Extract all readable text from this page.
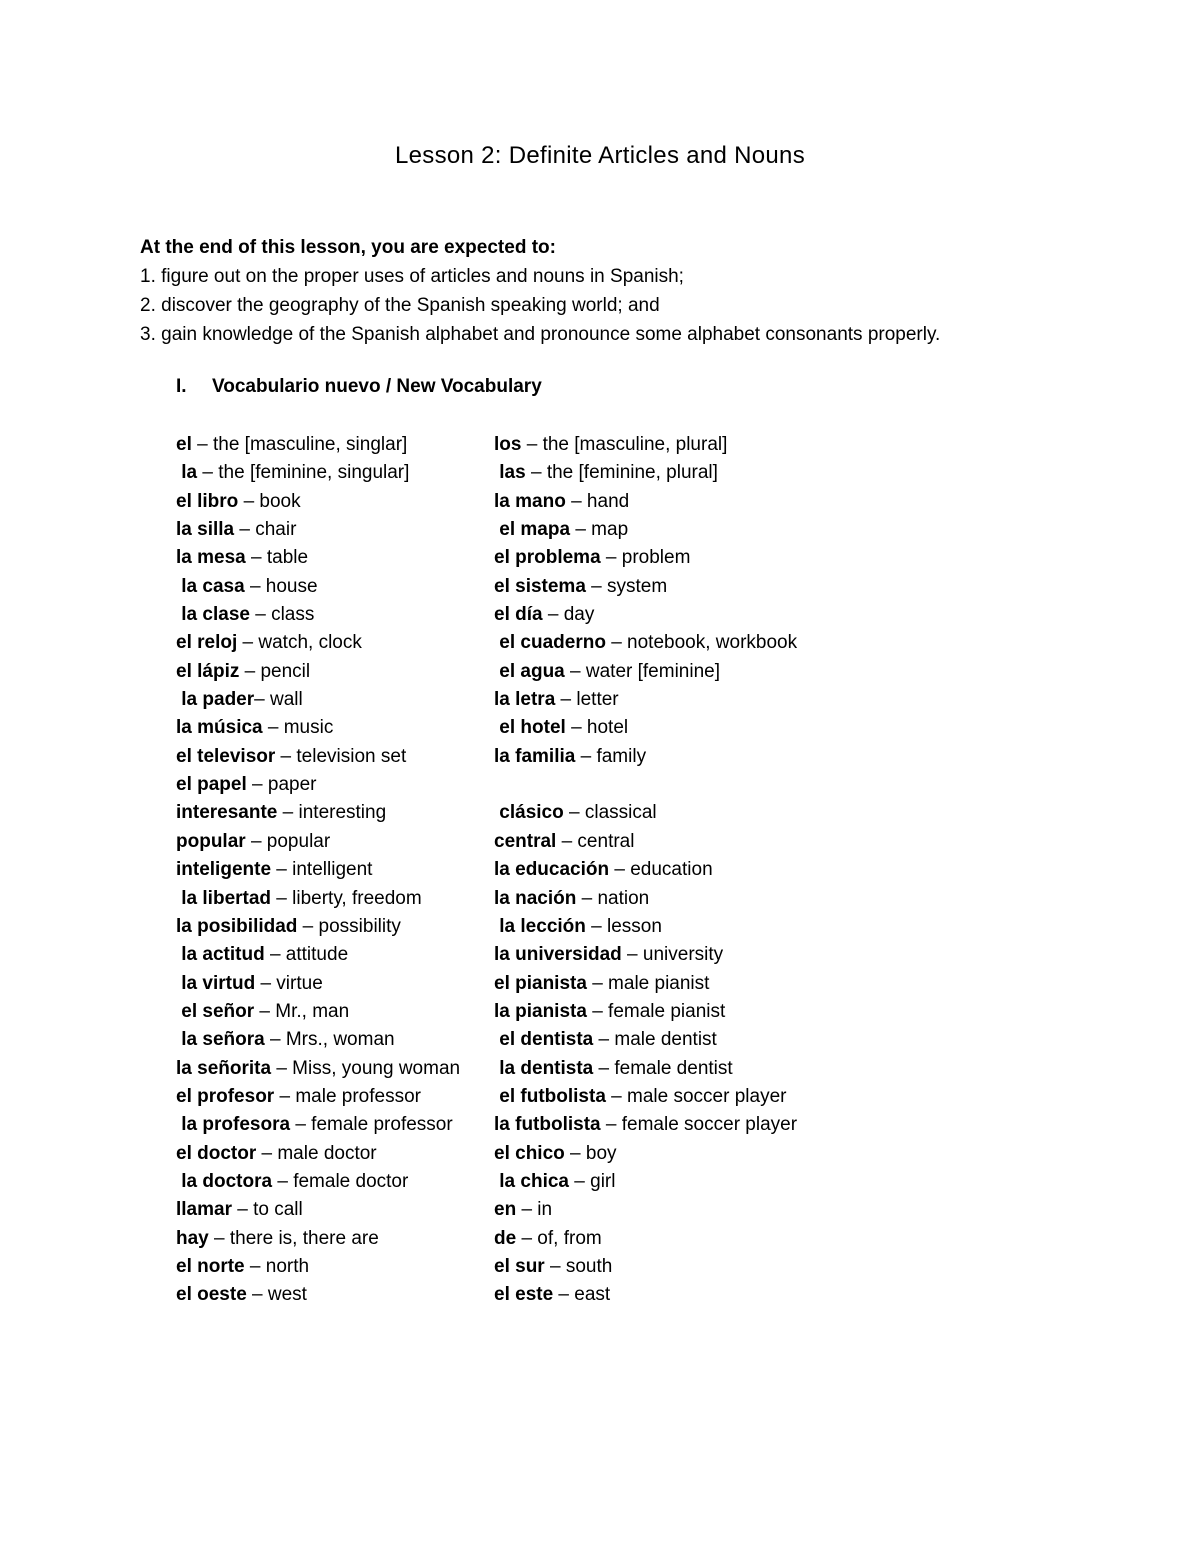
Lesson 2: Definite Articles and Nouns
At the end of this lesson, you are expected to:
1. figure out on the proper uses of articles and nouns in Spanish;
2. discover the geography of the Spanish speaking world; and
3. gain knowledge of the Spanish alphabet and pronounce some alphabet consonants properly.
I. Vocabulario nuevo / New Vocabulary
el – the [masculine, singlar]
la – the [feminine, singular]
el libro – book
la silla – chair
la mesa – table
la casa – house
la clase – class
el reloj – watch, clock
el lápiz – pencil
la pader– wall
la música – music
el televisor – television set
el papel – paper
interesante – interesting
popular – popular
inteligente – intelligent
la libertad – liberty, freedom
la posibilidad – possibility
la actitud – attitude
la virtud – virtue
el señor – Mr., man
la señora – Mrs., woman
la señorita – Miss, young woman
el profesor – male professor
la profesora – female professor
el doctor – male doctor
la doctora – female doctor
llamar – to call
hay – there is, there are
el norte – north
el oeste – west
los – the [masculine, plural]
las – the [feminine, plural]
la mano – hand
el mapa – map
el problema – problem
el sistema – system
el día – day
el cuaderno – notebook, workbook
el agua – water [feminine]
la letra – letter
el hotel – hotel
la familia – family
clásico – classical
central – central
la educación – education
la nación – nation
la lección – lesson
la universidad – university
el pianista – male pianist
la pianista – female pianist
el dentista – male dentist
la dentista – female dentist
el futbolista – male soccer player
la futbolista – female soccer player
el chico – boy
la chica – girl
en – in
de – of, from
el sur – south
el este – east
